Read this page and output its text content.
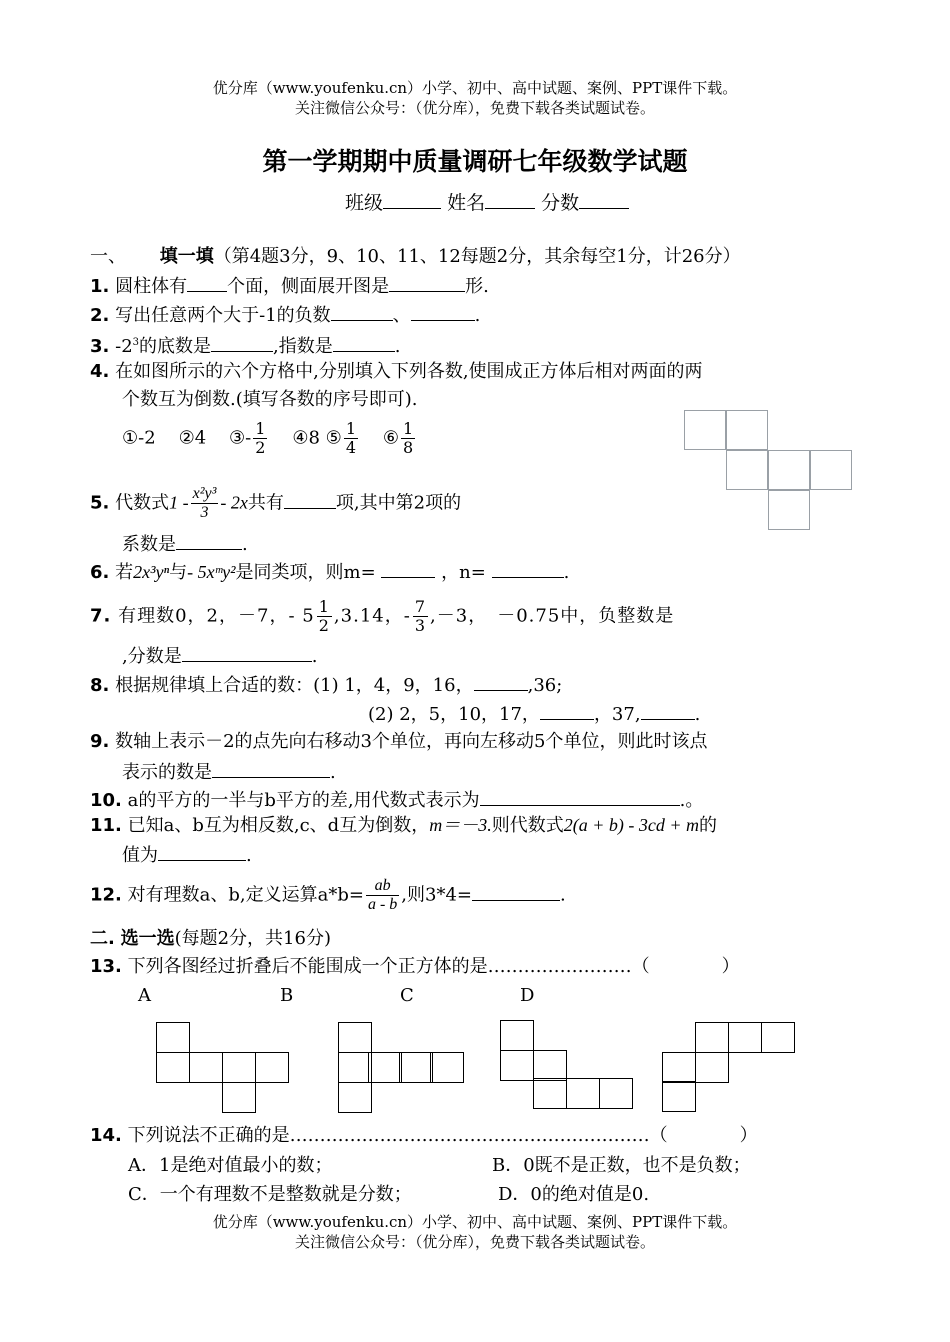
优分库（www.youfenku.cn）小学、初中、高中试题、案例、PPT课件下载。
关注微信公众号：（优分库），免费下载各类试题试卷。
第一学期期中质量调研七年级数学试题
班级	姓名	分数
一、 填一填（第4题3分，9、10、11、12每题2分，其余每空1分，计26分）
1. 圆柱体有 个面，侧面展开图是	形.
2. 写出任意两个大于-1的负数	、	.
3. $-2^3$的底数是	,指数是	.
4. 在如图所示的六个方格中,分别填入下列各数,使围成正方体后相对两面的两
个数互为倒数.(填写各数的序号即可).
①-2 ②4 ③- $\frac{1}{2}$ ④8 ⑤ $\frac{1}{4}$ ⑥ $\frac{1}{8}$
5. 代数式$1 - \frac{\text{x²y³}}{3} - 2x$共有	项,其中第2项的
系数是	.
6. 若2x³yⁿ与- 5xᵐy²是同类项，则m=	，n=	.
7. 有理数0，2，－7，- $5 \frac{1}{2} ,3.14$，- $\frac{7}{3} ,-3$，　－0.75中，负整数是
,分数是	.
8. 根据规律填上合适的数：(1) 1，4，9，16，	,36;
(2) 2，5，10，17，	，37,	.
9. 数轴上表示－2的点先向右移动3个单位，再向左移动5个单位，则此时该点
表示的数是	.
10. a的平方的一半与b平方的差,用代数式表示为	.。
11. 已知a、b互为相反数,c、d互为倒数，m＝－3.则代数式2(a + b) - 3cd + m的
值为	.
12. 对有理数a、b,定义运算$a*b= \frac{ab}{a - b}$ ,则3*4=	.
二. 选一选(每题2分，共16分)
13. 下列各图经过折叠后不能围成一个正方体的是……………………（　　　　）
A	B	C	D
14. 下列说法不正确的是……………………………………………………（　　　　）
A．1是绝对值最小的数；	B．0既不是正数，也不是负数；
C．一个有理数不是整数就是分数；	D．0的绝对值是0.
优分库（www.youfenku.cn）小学、初中、高中试题、案例、PPT课件下载。
关注微信公众号：（优分库），免费下载各类试题试卷。
